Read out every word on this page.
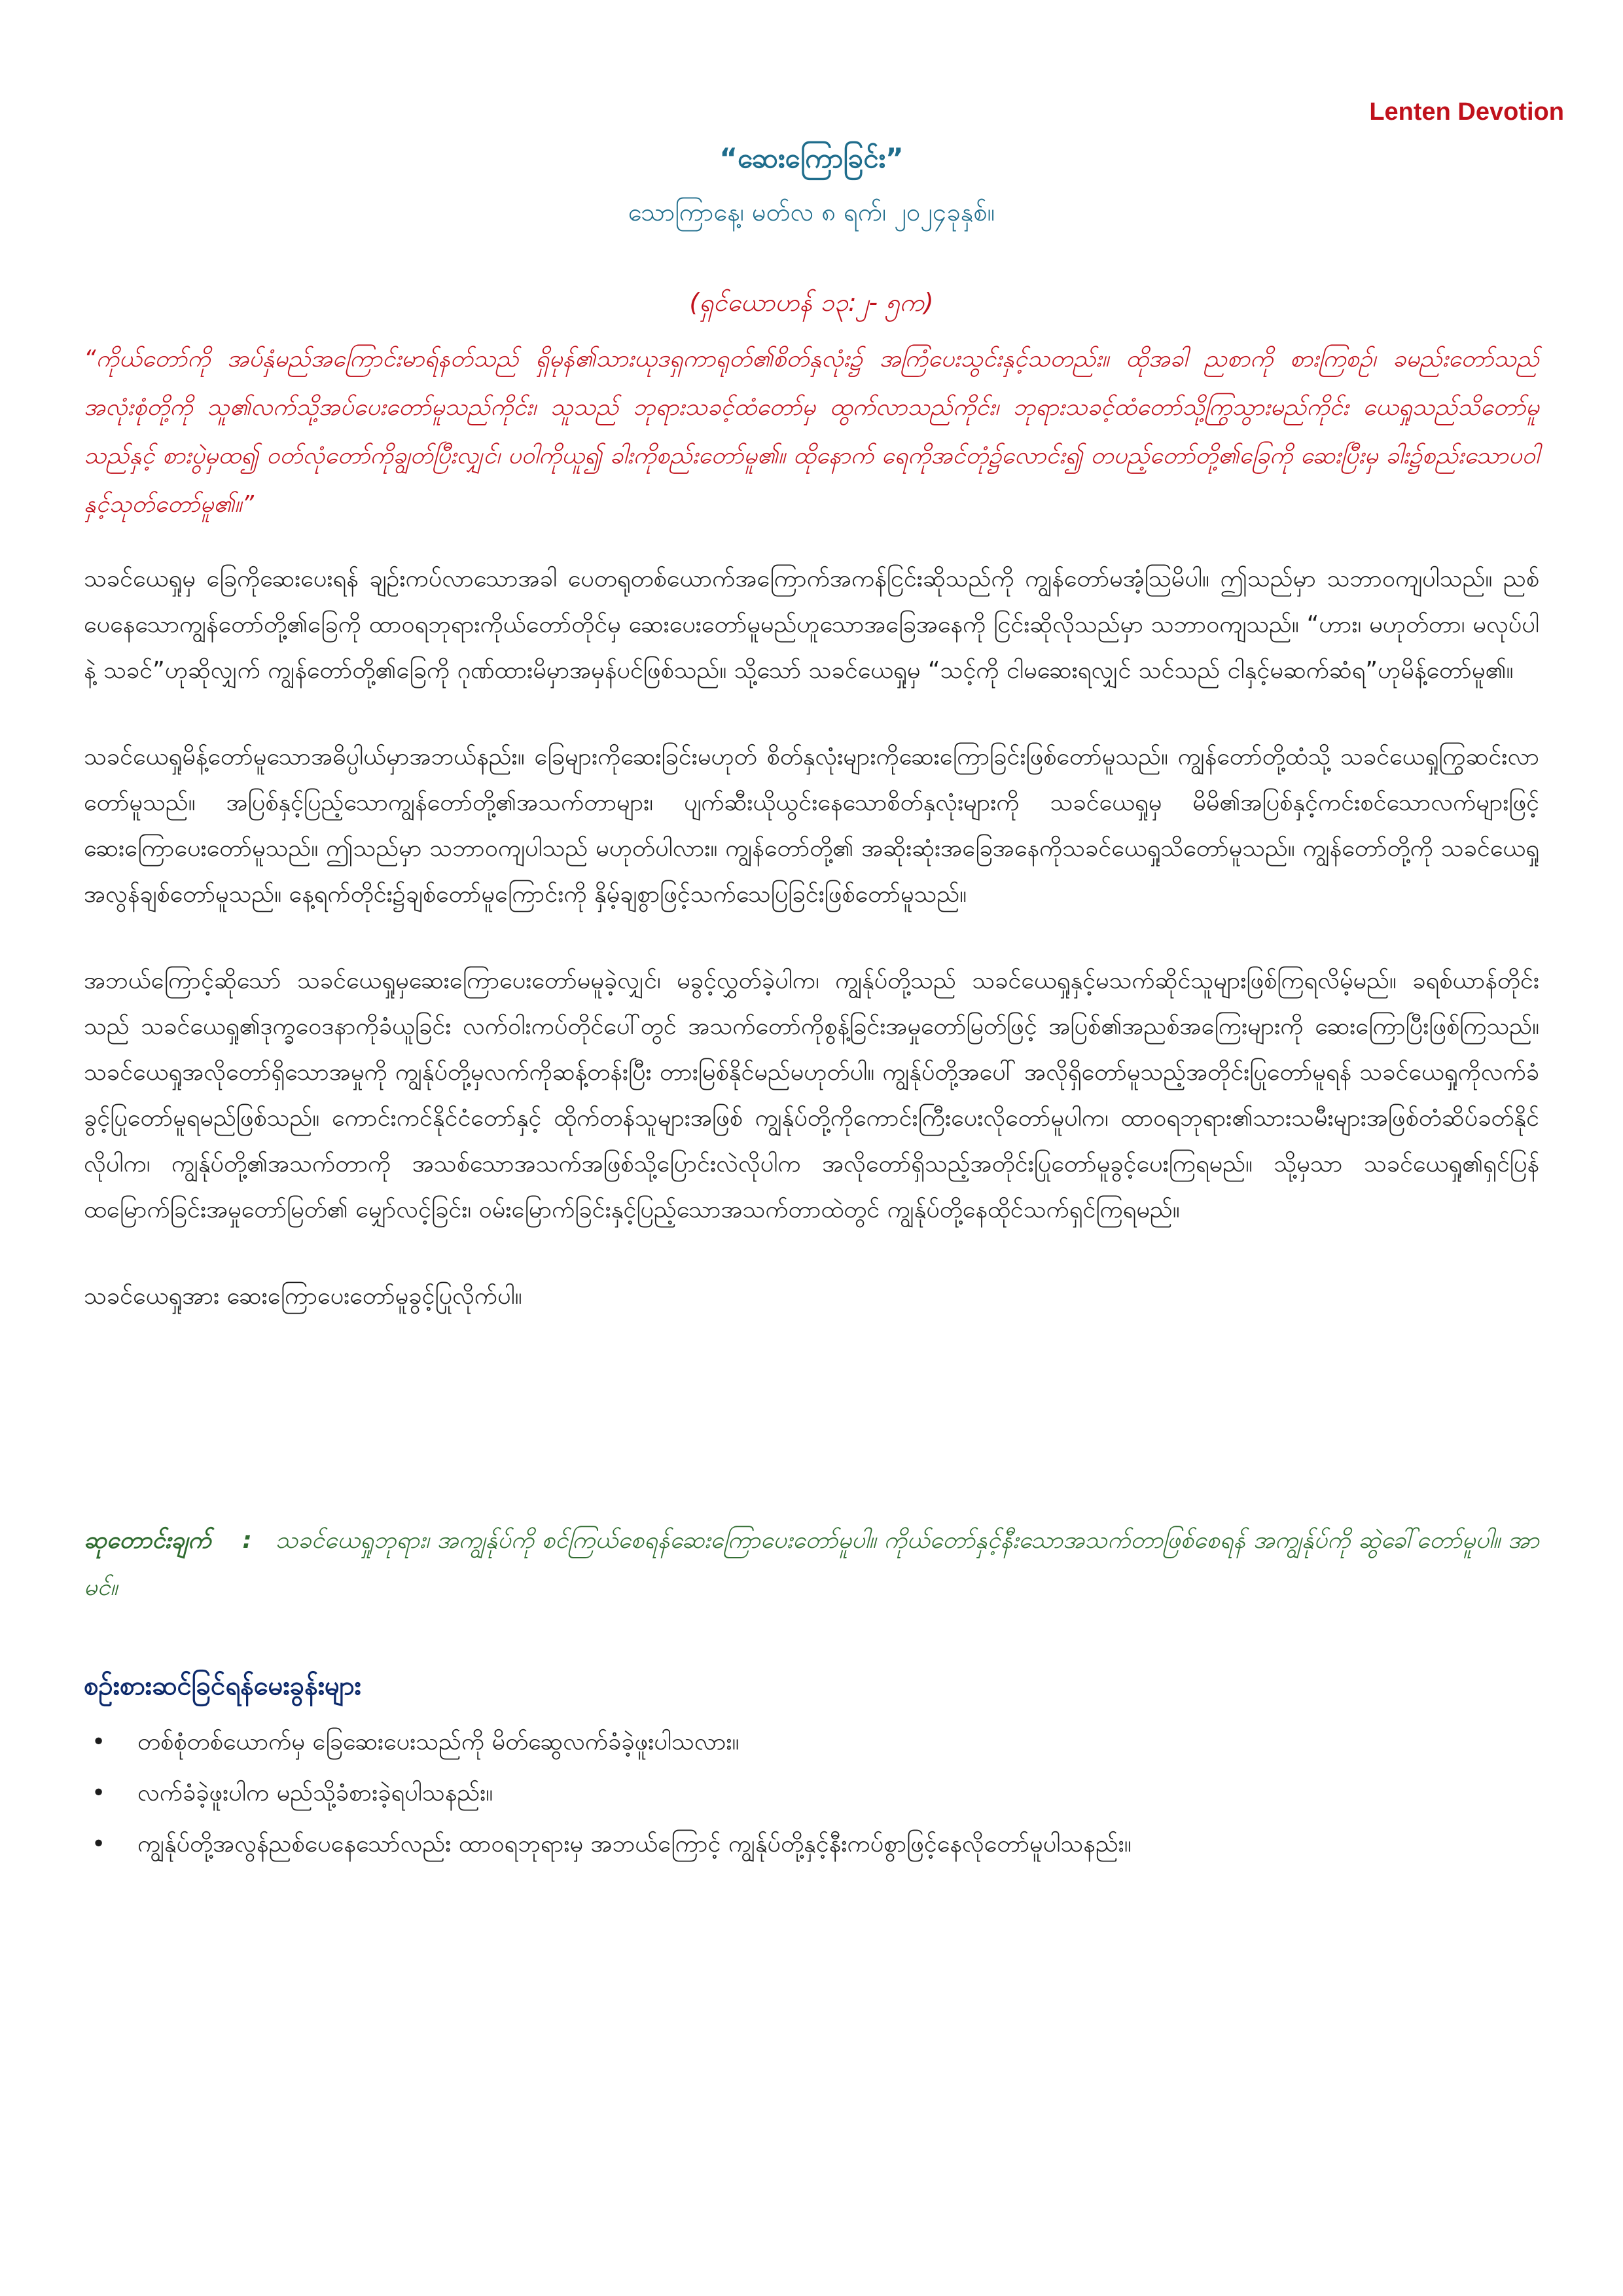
Lenten Devotion
“ဆေးကြောခြင်း”
သောကြာနေ့၊ မတ်လ ၈ ရက်၊ ၂၀၂၄ခုနှစ်။
(ရှင်ယောဟန် ၁၃:၂- ၅က)
“ကိုယ်တော်ကို အပ်နှံမည်အကြောင်းမာရ်နတ်သည် ရှိမုန်၏သားယုဒရှကာရုတ်၏စိတ်နှလုံး၌ အကြံပေးသွင်းနှင့်သတည်း။ ထိုအခါ ညစာကို စားကြစဉ်၊ ခမည်းတော်သည် အလုံးစုံတို့ကို သူ၏လက်သို့အပ်ပေးတော်မူသည်ကိုင်း၊ သူသည် ဘုရားသခင့်ထံတော်မှ ထွက်လာသည်ကိုင်း၊ ဘုရားသခင့်ထံတော်သို့ကြွသွားမည်ကိုင်း ယေရှုသည်သိတော်မူသည်နှင့် စားပွဲမှထ၍ ဝတ်လုံတော်ကိုချွတ်ပြီးလျှင်၊ ပဝါကိုယူ၍ ခါးကိုစည်းတော်မူ၏။ ထိုနောက် ရေကိုအင်တုံ၌လောင်း၍ တပည့်တော်တို့၏ခြေကို ဆေးပြီးမှ ခါး၌စည်းသောပဝါနှင့်သုတ်တော်မူ၏။”

သခင်ယေရှုမှ ခြေကိုဆေးပေးရန် ချဉ်းကပ်လာသောအခါ ပေတရုတစ်ယောက်အကြောက်အကန်ငြင်းဆိုသည်ကို ကျွန်တော်မအံ့သြမိပါ။ ဤသည်မှာ သဘာဝကျပါသည်။ ညစ်ပေနေသောကျွန်တော်တို့၏ခြေကို ထာဝရဘုရားကိုယ်တော်တိုင်မှ ဆေးပေးတော်မူမည်ဟူသောအခြေအနေကို ငြင်းဆိုလိုသည်မှာ သဘာဝကျသည်။ “ဟား၊ မဟုတ်တာ၊ မလုပ်ပါနဲ့ သခင်”ဟုဆိုလျှက် ကျွန်တော်တို့၏ခြေကို ဂုဏ်ထားမိမှာအမှန်ပင်ဖြစ်သည်။ သို့သော် သခင်ယေရှုမှ “သင့်ကို ငါမဆေးရလျှင် သင်သည် ငါနှင့်မဆက်ဆံရ”ဟုမိန့်တော်မူ၏။

သခင်ယေရှုမိန့်တော်မူသောအဓိပ္ပါယ်မှာအဘယ်နည်း။ ခြေများကိုဆေးခြင်းမဟုတ် စိတ်နှလုံးများကိုဆေးကြောခြင်းဖြစ်တော်မူသည်။ ကျွန်တော်တို့ထံသို့ သခင်ယေရှုကြွဆင်းလာတော်မူသည်။ အပြစ်နှင့်ပြည့်သောကျွန်တော်တို့၏အသက်တာများ၊ ပျက်ဆီးယိုယွင်းနေသောစိတ်နှလုံးများကို သခင်ယေရှုမှ မိမိ၏အပြစ်နှင့်ကင်းစင်သောလက်များဖြင့် ဆေးကြောပေးတော်မူသည်။ ဤသည်မှာ သဘာဝကျပါသည် မဟုတ်ပါလား။ ကျွန်တော်တို့၏ အဆိုးဆုံးအခြေအနေကိုသခင်ယေရှုသိတော်မူသည်။ ကျွန်တော်တို့ကို သခင်ယေရှုအလွန်ချစ်တော်မူသည်။ နေ့ရက်တိုင်း၌ချစ်တော်မူကြောင်းကို နှိမ့်ချစွာဖြင့်သက်သေပြခြင်းဖြစ်တော်မူသည်။

အဘယ်ကြောင့်ဆိုသော် သခင်ယေရှုမှဆေးကြောပေးတော်မမူခဲ့လျှင်၊ မခွင့်လွှတ်ခဲ့ပါက၊ ကျွန်ုပ်တို့သည် သခင်ယေရှုနှင့်မသက်ဆိုင်သူများဖြစ်ကြရလိမ့်မည်။ ခရစ်ယာန်တိုင်းသည် သခင်ယေရှု၏ဒုက္ခဝေဒနာကိုခံယူခြင်း လက်ဝါးကပ်တိုင်ပေါ်တွင် အသက်တော်ကိုစွန့်ခြင်းအမှုတော်မြတ်ဖြင့် အပြစ်၏အညစ်အကြေးများကို ဆေးကြောပြီးဖြစ်ကြသည်။ သခင်ယေရှုအလိုတော်ရှိသောအမှုကို ကျွန်ုပ်တို့မှလက်ကိုဆန့်တန်းပြီး တားမြစ်နိုင်မည်မဟုတ်ပါ။ ကျွန်ုပ်တို့အပေါ် အလိုရှိတော်မူသည့်အတိုင်းပြုတော်မူရန် သခင်ယေရှုကိုလက်ခံခွင့်ပြုတော်မူရမည်ဖြစ်သည်။ ကောင်းကင်နိုင်ငံတော်နှင့် ထိုက်တန်သူများအဖြစ် ကျွန်ုပ်တို့ကိုကောင်းကြီးပေးလိုတော်မူပါက၊ ထာဝရဘုရား၏သားသမီးများအဖြစ်တံဆိပ်ခတ်နိုင်လိုပါက၊ ကျွန်ုပ်တို့၏အသက်တာကို အသစ်သောအသက်အဖြစ်သို့ပြောင်းလဲလိုပါက အလိုတော်ရှိသည့်အတိုင်းပြုတော်မူခွင့်ပေးကြရမည်။ သို့မှသာ သခင်ယေရှု၏ရှင်ပြန်ထမြောက်ခြင်းအမှုတော်မြတ်၏ မျှော်လင့်ခြင်း၊ ဝမ်းမြောက်ခြင်းနှင့်ပြည့်သောအသက်တာထဲတွင် ကျွန်ုပ်တို့နေထိုင်သက်ရှင်ကြရမည်။

သခင်ယေရှုအား ဆေးကြောပေးတော်မူခွင့်ပြုလိုက်ပါ။

ဆုတောင်းချက် : သခင်ယေရှုဘုရား၊ အကျွန်ုပ်ကို စင်ကြယ်စေရန်ဆေးကြောပေးတော်မူပါ။ ကိုယ်တော်နှင့်နီးသောအသက်တာဖြစ်စေရန် အကျွန်ုပ်ကို ဆွဲခေါ်တော်မူပါ။ အာမင်။
စဉ်းစားဆင်ခြင်ရန်မေးခွန်းများ
• တစ်စုံတစ်ယောက်မှ ခြေဆေးပေးသည်ကို မိတ်ဆွေလက်ခံခဲ့ဖူးပါသလား။
• လက်ခံခဲ့ဖူးပါက မည်သို့ခံစားခဲ့ရပါသနည်း။
• ကျွန်ုပ်တို့အလွန်ညစ်ပေနေသော်လည်း ထာဝရဘုရားမှ အဘယ်ကြောင့် ကျွန်ုပ်တို့နှင့်နီးကပ်စွာဖြင့်နေလိုတော်မူပါသနည်း။
